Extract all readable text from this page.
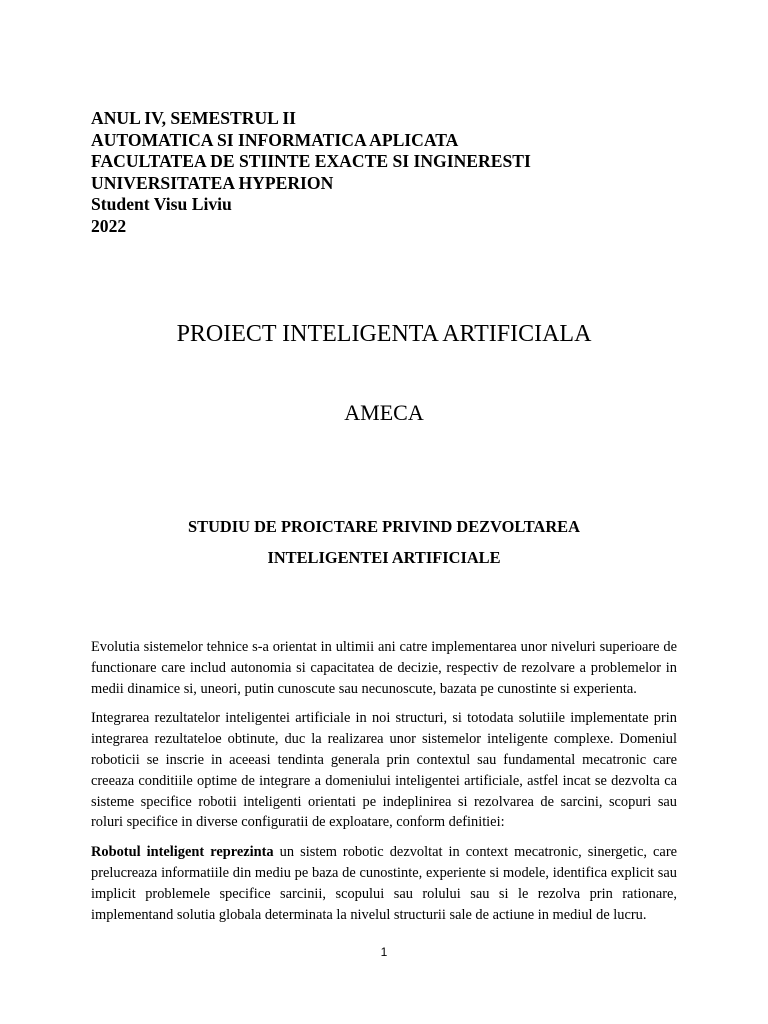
ANUL IV, SEMESTRUL II
AUTOMATICA SI INFORMATICA APLICATA
FACULTATEA DE STIINTE EXACTE SI INGINERESTI
UNIVERSITATEA HYPERION
Student Visu Liviu
2022
PROIECT INTELIGENTA ARTIFICIALA
AMECA
STUDIU DE PROICTARE PRIVIND DEZVOLTAREA
INTELIGENTEI ARTIFICIALE

Evolutia sistemelor tehnice s-a orientat in ultimii ani catre implementarea unor niveluri superioare de functionare care includ autonomia si capacitatea de decizie, respectiv de rezolvare a problemelor in medii dinamice si, uneori, putin cunoscute sau necunoscute, bazata pe cunostinte si experienta.

Integrarea rezultatelor inteligentei artificiale in noi structuri, si totodata solutiile implementate prin integrarea rezultateloe obtinute, duc la realizarea unor sistemelor inteligente complexe. Domeniul roboticii se inscrie in aceeasi tendinta generala prin contextul sau fundamental mecatronic care creeaza conditiile optime de integrare a domeniului inteligentei artificiale, astfel incat se dezvolta ca sisteme specifice robotii inteligenti orientati pe indeplinirea si rezolvarea de sarcini, scopuri sau roluri specifice in diverse configuratii de exploatare, conform definitiei:

Robotul inteligent reprezinta un sistem robotic dezvoltat in context mecatronic, sinergetic, care prelucreaza informatiile din mediu pe baza de cunostinte, experiente si modele, identifica explicit sau implicit problemele specifice sarcinii, scopului sau rolului sau si le rezolva prin rationare, implementand solutia globala determinata la nivelul structurii sale de actiune in mediul de lucru.

1
